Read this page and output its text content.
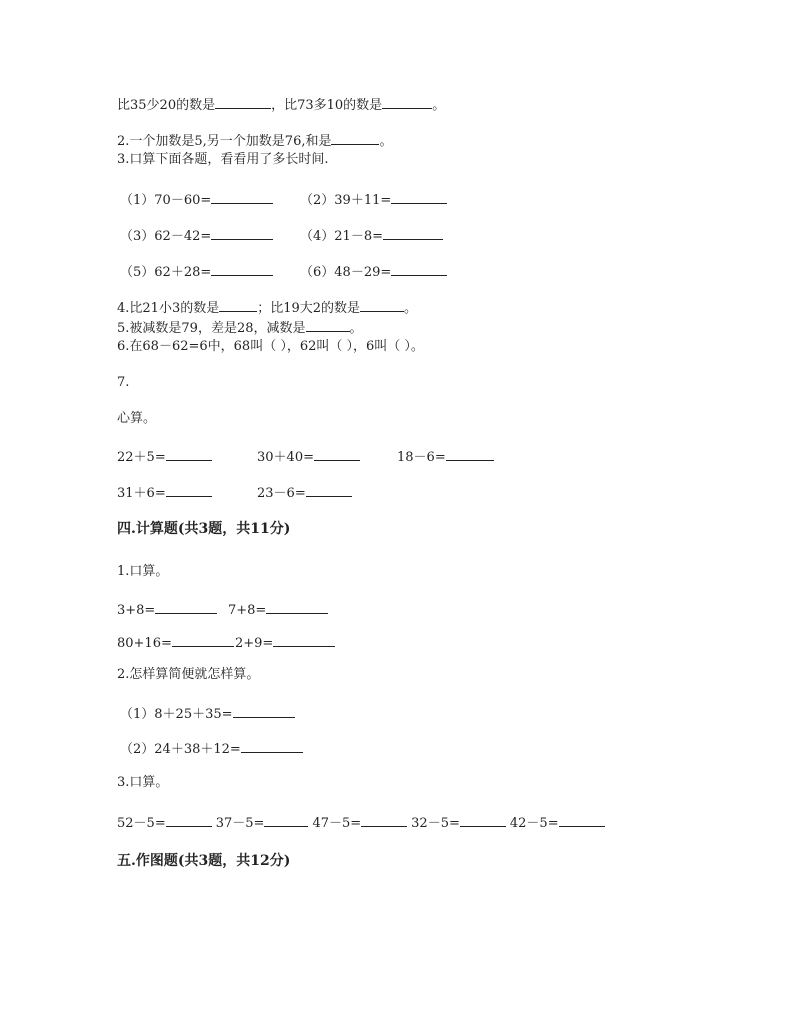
比35少20的数是	，比73多10的数是	。
2.一个加数是5,另一个加数是76,和是	。
3.口算下面各题，看看用了多长时间.
（1）70－60=	（2）39＋11=
（3）62－42=	（4）21－8=
（5）62＋28=	（6）48－29=
4.比21小3的数是	；比19大2的数是	。
5.被减数是79，差是28，减数是	。
6.在68－62=6中，68叫（ ），62叫（ ），6叫（ ）。
7.
心算。
22＋5=	30＋40=	18－6=
31＋6=	23－6=
四.计算题(共3题，共11分)
1.口算。
3+8=	7+8=
80+16=	2+9=
2.怎样算简便就怎样算。
（1）8＋25＋35=
（2）24＋38＋12=
3.口算。
52－5=	37－5=	47－5=	32－5=	42－5=
五.作图题(共3题，共12分)
